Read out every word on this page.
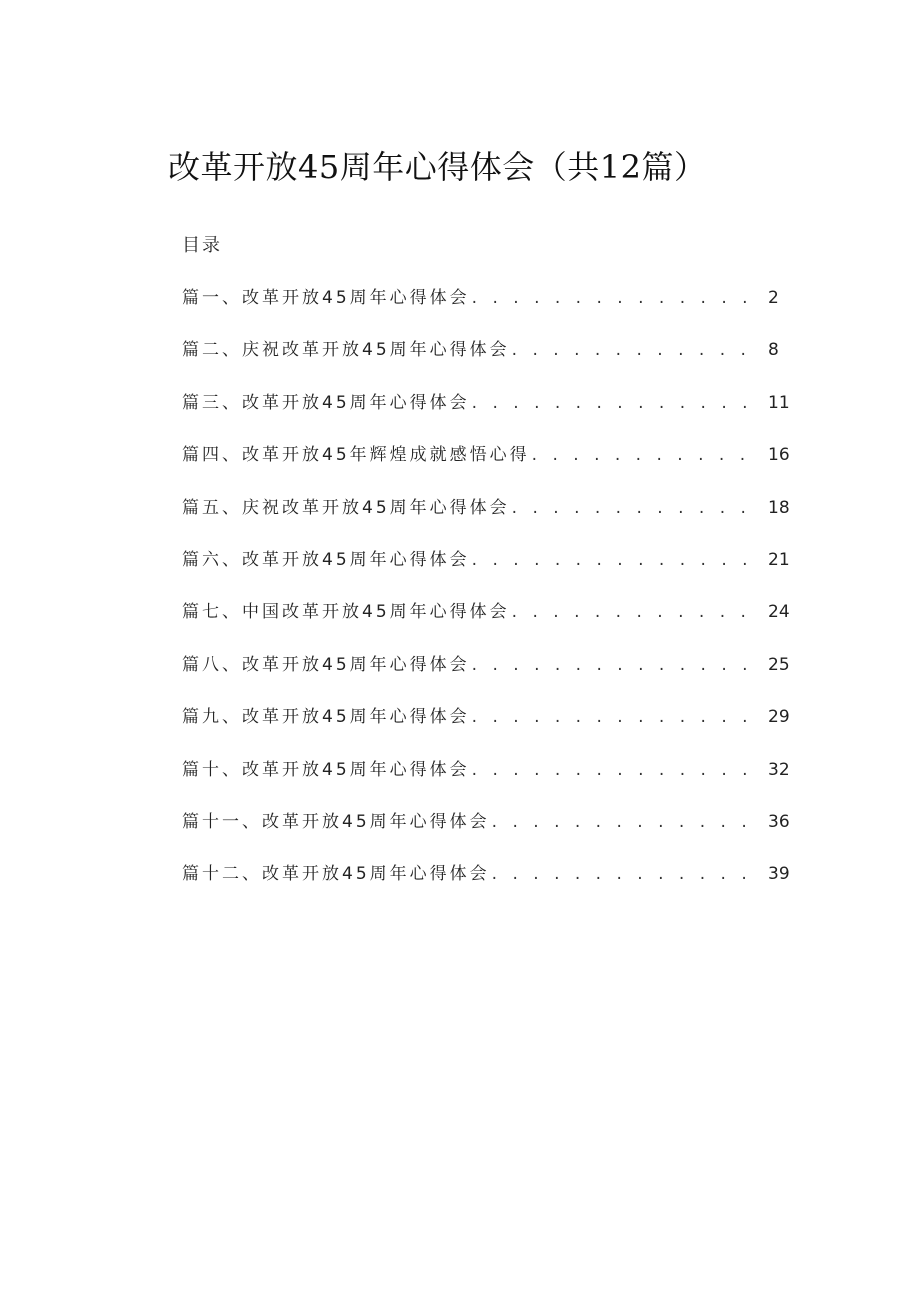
改革开放45周年心得体会（共12篇）
目录
篇一、改革开放45周年心得体会 . . .	2
篇二、庆祝改革开放45周年心得体会 . . .	8
篇三、改革开放45周年心得体会 . . .	11
篇四、改革开放45年辉煌成就感悟心得 . . .	16
篇五、庆祝改革开放45周年心得体会 . . .	18
篇六、改革开放45周年心得体会 . . .	21
篇七、中国改革开放45周年心得体会 . . .	24
篇八、改革开放45周年心得体会 . . .	25
篇九、改革开放45周年心得体会 . . .	29
篇十、改革开放45周年心得体会 . . .	32
篇十一、改革开放45周年心得体会 . . .	36
篇十二、改革开放45周年心得体会 . . .	39
